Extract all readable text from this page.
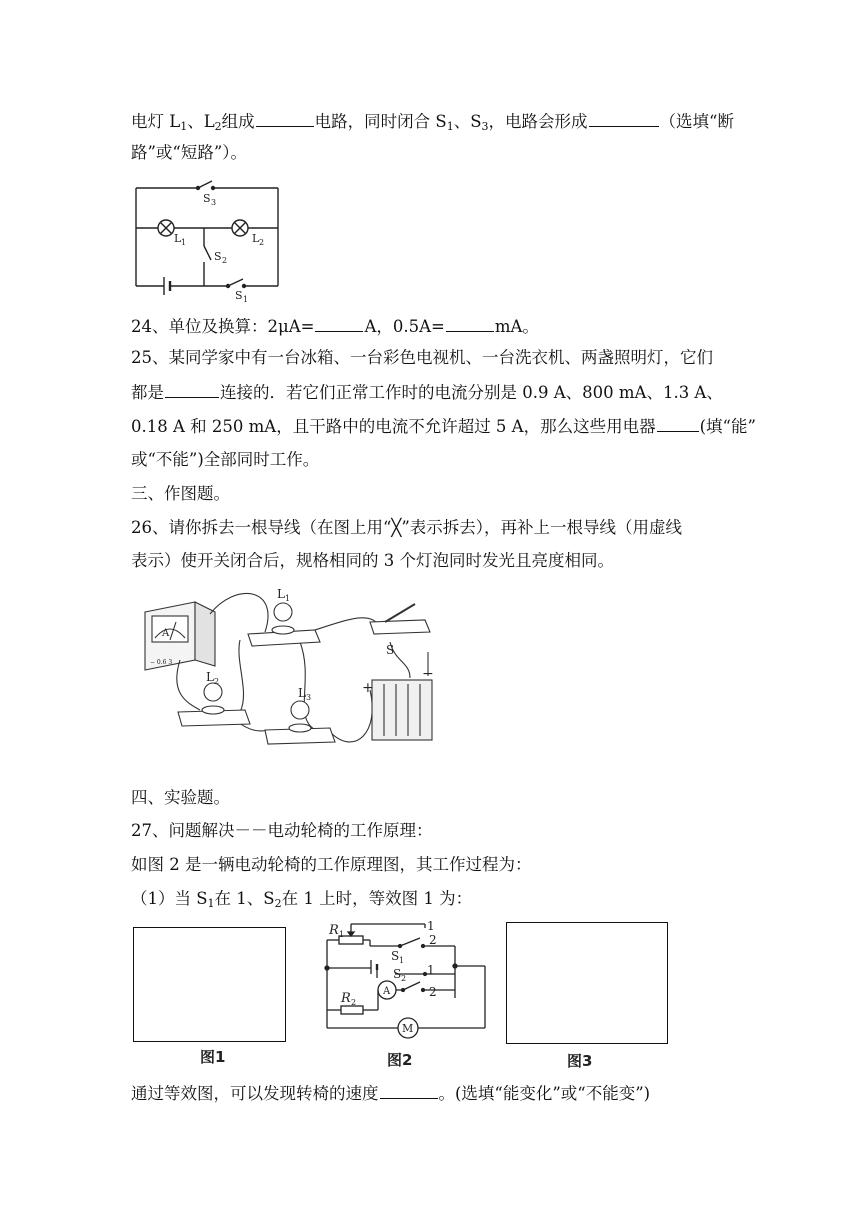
电灯 $L_1$、$L_2$组成	电路，同时闭合 $S_1$、$S_3$，电路会形成	（选填“断
路”或“短路”）。
S 3
L 1	L 2
S 2
S 1
24、单位及换算：2μA=	A，0.5A=	mA。
25、某同学家中有一台冰箱、一台彩色电视机、一台洗衣机、两盏照明灯，它们
都是	连接的．若它们正常工作时的电流分别是 0.9 A、800 mA、1.3 A、
0.18 A 和 250 mA，且干路中的电流不允许超过 5 A，那么这些用电器	(填“能”
或“不能”)全部同时工作。
三、作图题。
26、请你拆去一根导线（在图上用“╳”表示拆去），再补上一根导线（用虚线
表示）使开关闭合后，规格相同的 3 个灯泡同时发光且亮度相同。
L 1
L 2
L 3
S
+
−
A
− 0.6 3
四、实验题。
27、问题解决－－电动轮椅的工作原理：
如图 2 是一辆电动轮椅的工作原理图，其工作过程为：
（1）当 $S_1$在 1、$S_2$在 1 上时，等效图 1 为：
R 1
1
2
S 1
S 2
1
2
A
R 2
M
图1	图2	图3
通过等效图，可以发现转椅的速度	。(选填“能变化”或“不能变”)
